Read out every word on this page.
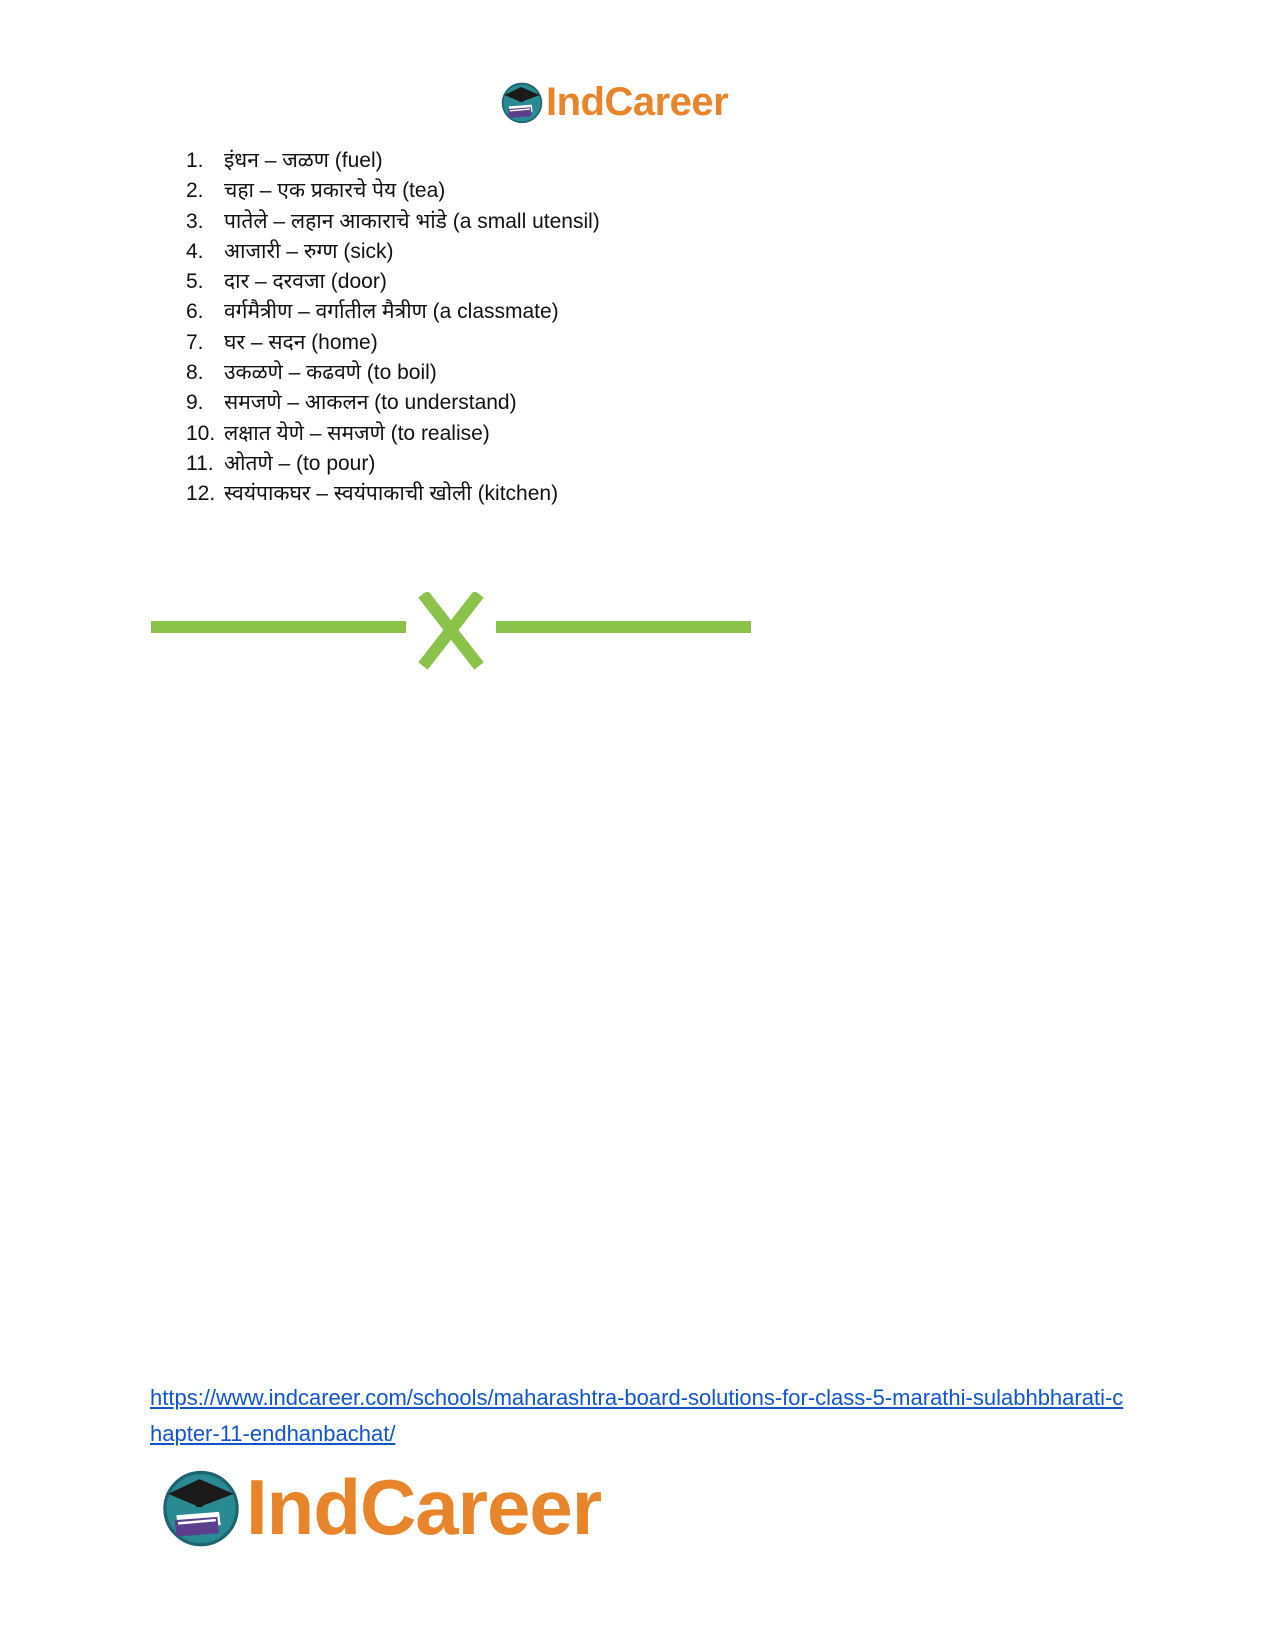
IndCareer
1. इंधन – जळण (fuel)
2. चहा – एक प्रकारचे पेय (tea)
3. पातेले – लहान आकाराचे भांडे (a small utensil)
4. आजारी – रुग्ण (sick)
5. दार – दरवजा (door)
6. वर्गमैत्रीण – वर्गातील मैत्रीण (a classmate)
7. घर – सदन (home)
8. उकळणे – कढवणे (to boil)
9. समजणे – आकलन (to understand)
10. लक्षात येणे – समजणे (to realise)
11. ओतणे – (to pour)
12. स्वयंपाकघर – स्वयंपाकाची खोली (kitchen)
https://www.indcareer.com/schools/maharashtra-board-solutions-for-class-5-marathi-sulabhbharati-chapter-11-endhanbachat/
IndCareer
